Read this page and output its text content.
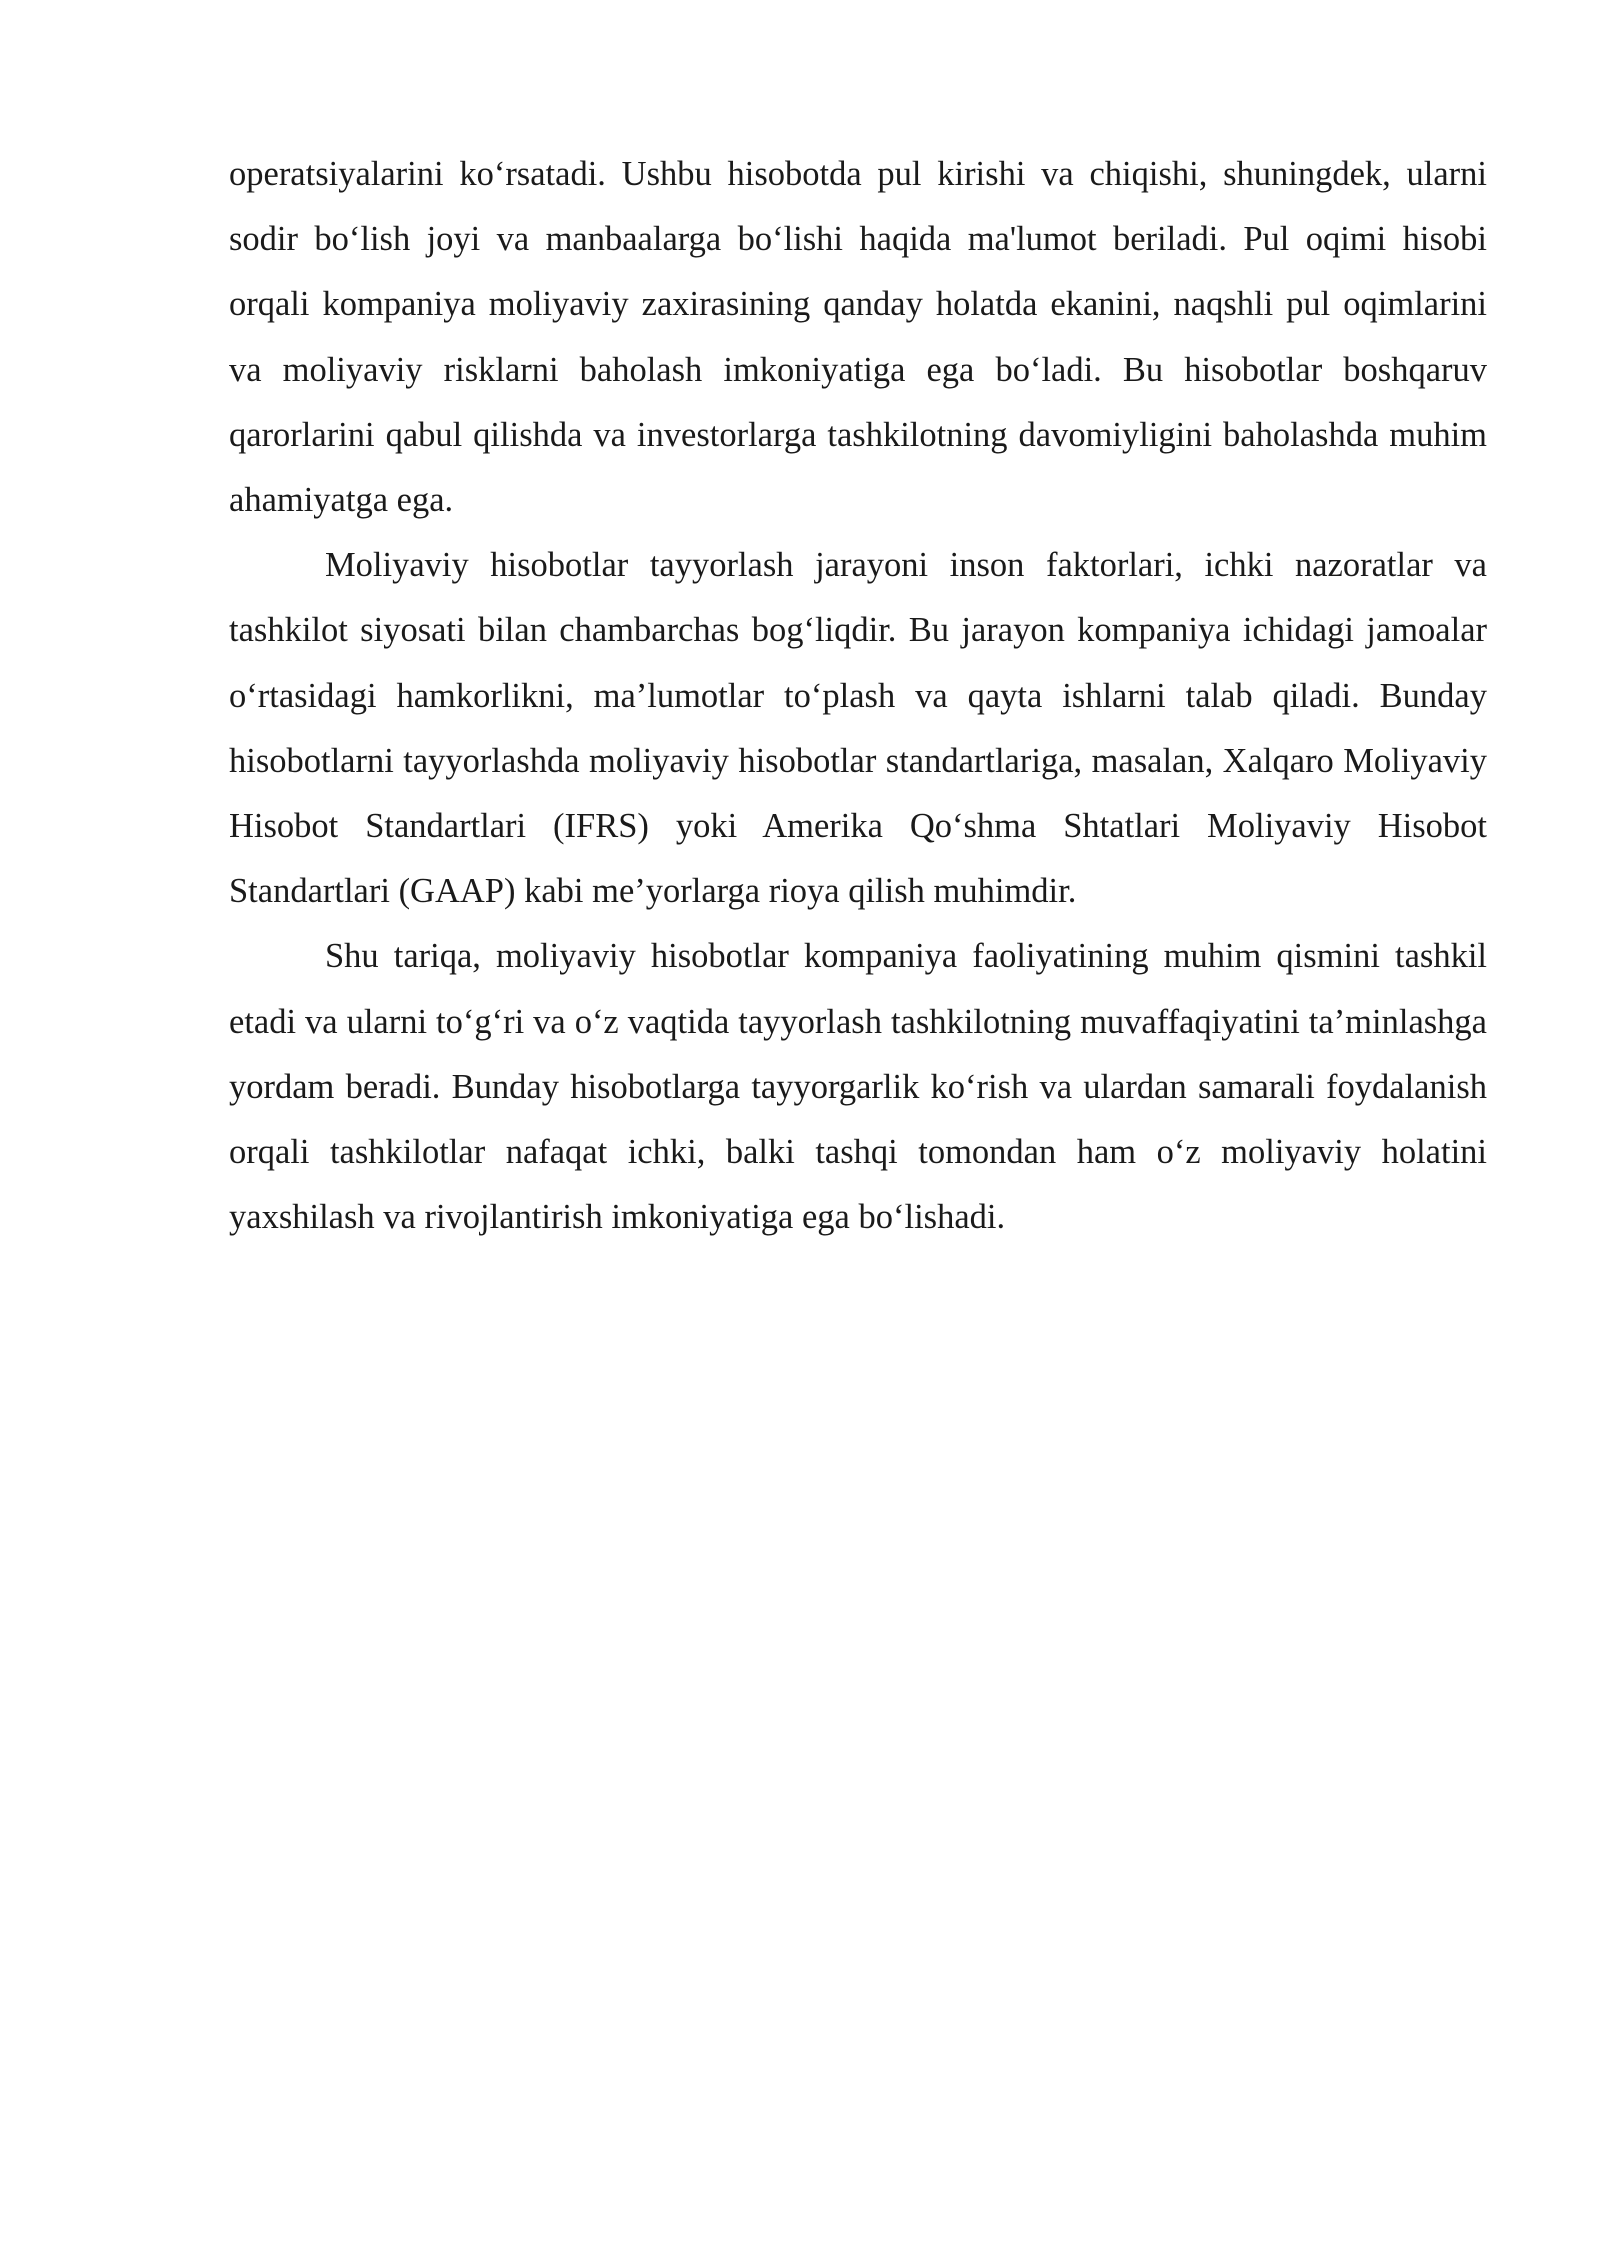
operatsiyalarini ko‘rsatadi. Ushbu hisobotda pul kirishi va chiqishi, shuningdek, ularni sodir bo‘lish joyi va manbaalarga bo‘lishi haqida ma'lumot beriladi. Pul oqimi hisobi orqali kompaniya moliyaviy zaxirasining qanday holatda ekanini, naqshli pul oqimlarini va moliyaviy risklarni baholash imkoniyatiga ega bo‘ladi. Bu hisobotlar boshqaruv qarorlarini qabul qilishda va investorlarga tashkilotning davomiyligini baholashda muhim ahamiyatga ega.

Moliyaviy hisobotlar tayyorlash jarayoni inson faktorlari, ichki nazoratlar va tashkilot siyosati bilan chambarchas bog‘liqdir. Bu jarayon kompaniya ichidagi jamoalar o‘rtasidagi hamkorlikni, ma’lumotlar to‘plash va qayta ishlarni talab qiladi. Bunday hisobotlarni tayyorlashda moliyaviy hisobotlar standartlariga, masalan, Xalqaro Moliyaviy Hisobot Standartlari (IFRS) yoki Amerika Qo‘shma Shtatlari Moliyaviy Hisobot Standartlari (GAAP) kabi me’yorlarga rioya qilish muhimdir.

Shu tariqa, moliyaviy hisobotlar kompaniya faoliyatining muhim qismini tashkil etadi va ularni to‘g‘ri va o‘z vaqtida tayyorlash tashkilotning muvaffaqiyatini ta’minlashga yordam beradi. Bunday hisobotlarga tayyorgarlik ko‘rish va ulardan samarali foydalanish orqali tashkilotlar nafaqat ichki, balki tashqi tomondan ham o‘z moliyaviy holatini yaxshilash va rivojlantirish imkoniyatiga ega bo‘lishadi.
